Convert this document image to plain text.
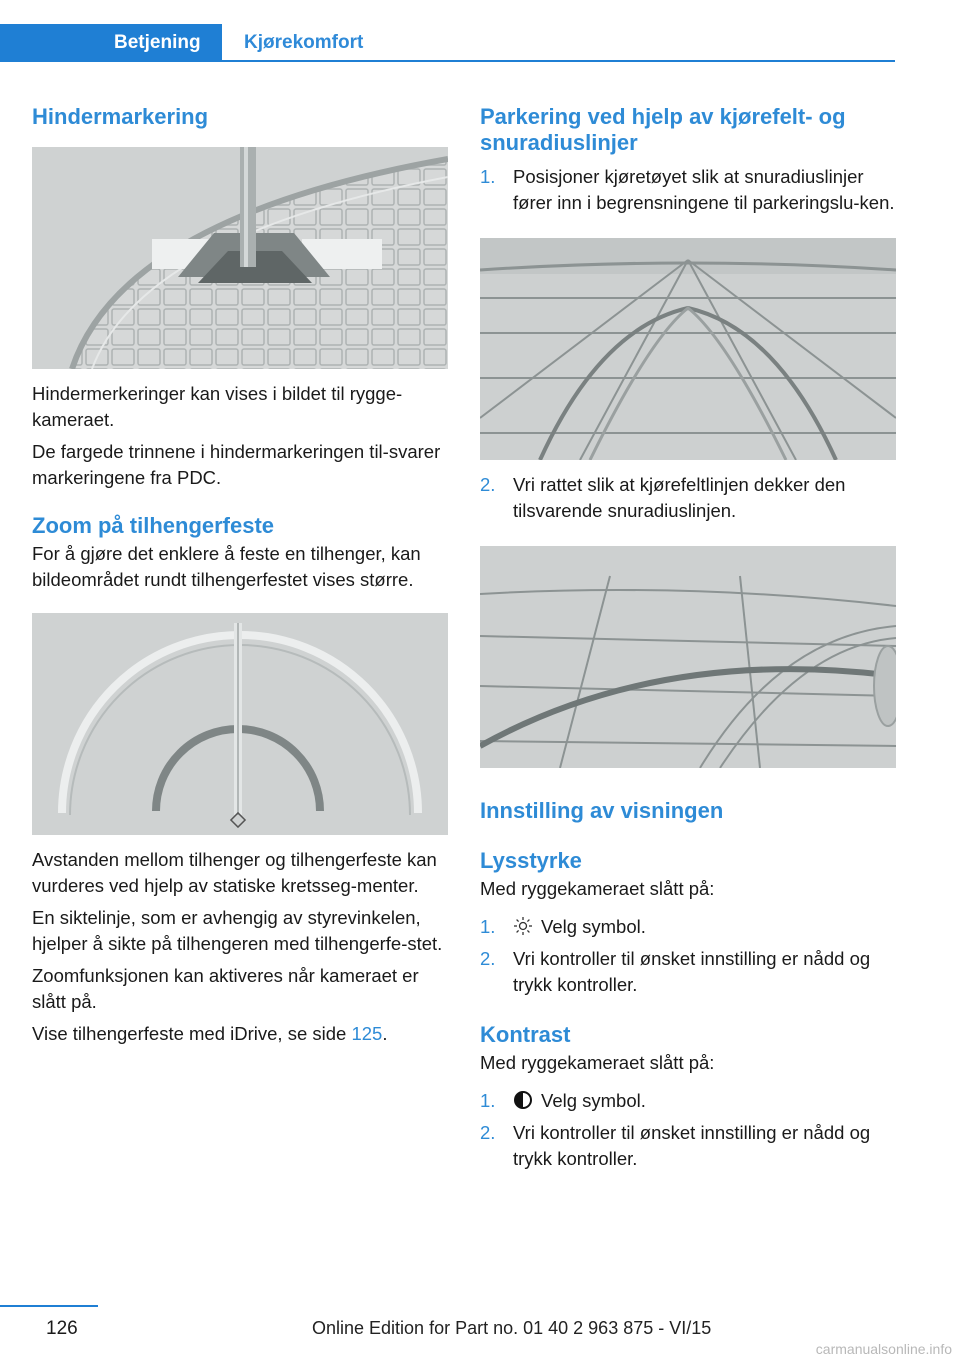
Betjening	Kjørekomfort
Hindermarkering

Hindermerkeringer kan vises i bildet til rygge-kameraet.

De fargede trinnene i hindermarkeringen til-svarer markeringene fra PDC.

Zoom på tilhengerfeste

For å gjøre det enklere å feste en tilhenger, kan bildeområdet rundt tilhengerfestet vises større.

Avstanden mellom tilhenger og tilhengerfeste kan vurderes ved hjelp av statiske kretsseg-menter.

En siktelinje, som er avhengig av styrevinkelen, hjelper å sikte på tilhengeren med tilhengerfe-stet.

Zoomfunksjonen kan aktiveres når kameraet er slått på.

Vise tilhengerfeste med iDrive, se side 125.

Parkering ved hjelp av kjørefelt- og snuradiuslinjer
1. Posisjoner kjøretøyet slik at snuradiuslinjer fører inn i begrensningene til parkeringslu-ken.
2. Vri rattet slik at kjørefeltlinjen dekker den tilsvarende snuradiuslinjen.
Innstilling av visningen
Lysstyrke

Med ryggekameraet slått på:

1. Velg symbol.
2. Vri kontroller til ønsket innstilling er nådd og trykk kontroller.
Kontrast

Med ryggekameraet slått på:

1. Velg symbol.
2. Vri kontroller til ønsket innstilling er nådd og trykk kontroller.
126	Online Edition for Part no. 01 40 2 963 875 - VI/15
carmanualsonline.info
